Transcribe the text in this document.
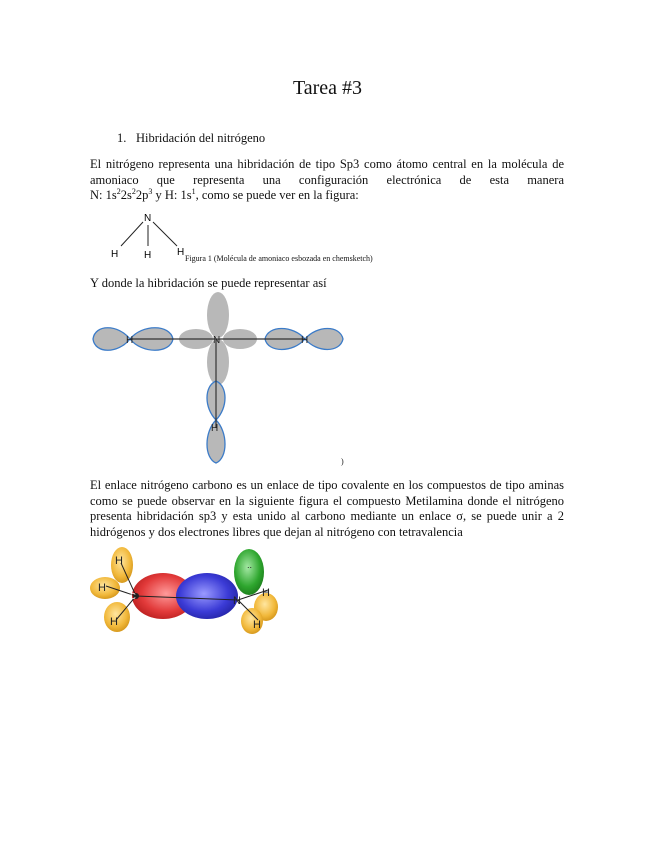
Tarea #3
1. Hibridación del nitrógeno
El nitrógeno representa una hibridación de tipo Sp3 como átomo central en la molécula de
amoniaco que representa una configuración electrónica de esta manera
N: $1s^22s^22p^3$ y H: $1s^1$, como se puede ver en la figura:
N
H	H	H
Figura 1 (Molécula de amoniaco esbozada en chemsketch)
Y donde la hibridación se puede representar así
H	N	H
H
)
El enlace nitrógeno carbono es un enlace de tipo covalente en los compuestos de tipo aminas
como se puede observar en la siguiente figura el compuesto Metilamina donde el nitrógeno
presenta hibridación sp3 y esta unido al carbono mediante un enlace σ, se puede unir a 2
hidrógenos y dos electrones libres que dejan al nitrógeno con tetravalencia
H
H
H
N
H
H
C
..
